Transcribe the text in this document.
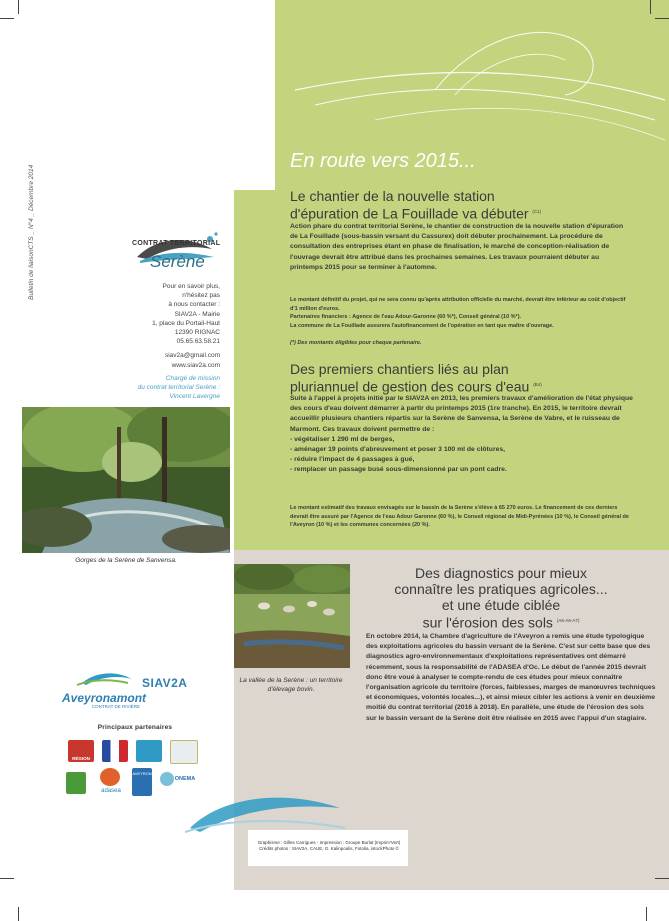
Bulletin de liaisonCTS _ N°4 _ Décembre 2014	CONTRAT TERRITORIAL
Serène
Pour en savoir plus,
n'hésitez pas
à nous contacter :
SIAV2A - Mairie
1, place du Portail-Haut
12390 RIGNAC
05.65.63.58.21
siav2a@gmail.com
www.siav2a.com
Chargé de mission
du contrat territorial Serène :
Vincent Lavergne
Gorges de la Serène de Sanvensa.
La vallée de la Serène : un territoire d'élevage bovin.
Aveyronamont
CONTRAT DE RIVIÈRE
SIAV2A
Principaux partenaires
RÉGION
adasea
AVEYRON
ONEMA
En route vers 2015...
Le chantier de la nouvelle station
d'épuration de La Fouillade va débuter $^{(C1)}$
Action phare du contrat territorial Serène, le chantier de construction de la nouvelle station d'épuration de La Fouillade (sous-bassin versant du Cassurex) doit débuter prochainement. La procédure de consultation des entreprises étant en phase de finalisation, le marché de conception-réalisation de l'ouvrage devrait être attribué dans les prochaines semaines. Les travaux pourraient débuter au printemps 2015 pour se terminer à l'automne.
Le montant définitif du projet, qui ne sera connu qu'après attribution officielle du marché, devrait être inférieur au coût d'objectif d'1 million d'euros.
Partenaires financiers : Agence de l'eau Adour-Garonne (60 %*), Conseil général (10 %*).
La commune de La Fouillade assurera l'autofinancement de l'opération en tant que maître d'ouvrage.
(*) Des montants éligibles pour chaque partenaire.
Des premiers chantiers liés au plan
pluriannuel de gestion des cours d'eau $^{(B4)}$
Suite à l'appel à projets initié par le SIAV2A en 2013, les premiers travaux d'amélioration de l'état physique des cours d'eau doivent démarrer à partir du printemps 2015 (1re tranche). En 2015, le territoire devrait accueillir plusieurs chantiers répartis sur la Serène de Sanvensa, la Serène de Vabre, et le ruisseau de Marmont. Ces travaux doivent permettre de :
- végétaliser 1 290 ml de berges,
- aménager 19 points d'abreuvement et poser 3 100 ml de clôtures,
- réduire l'impact de 4 passages à gué,
- remplacer un passage busé sous-dimensionné par un pont cadre.
Le montant estimatif des travaux envisagés sur le bassin de la Serène s'élève à 65 270 euros. Le financement de ces derniers devrait être assuré par l'Agence de l'eau Adour Garonne (60 %), le Conseil régional de Midi-Pyrénées (10 %), le Conseil général de l'Aveyron (10 %) et les communes concernées (20 %).
Des diagnostics pour mieux
connaître les pratiques agricoles...
et une étude ciblée
sur l'érosion des sols $^{(A5-A6-A7)}$
En octobre 2014, la Chambre d'agriculture de l'Aveyron a remis une étude typologique des exploitations agricoles du bassin versant de la Serène. C'est sur cette base que des diagnostics agro-environnementaux d'exploitations représentatives ont démarré récemment, sous la responsabilité de l'ADASEA d'Oc. Le début de l'année 2015 devrait donc être voué à analyser le compte-rendu de ces études pour mieux connaître l'organisation agricole du territoire (forces, faiblesses, marges de manœuvres techniques et économiques, volontés locales...), et ainsi mieux cibler les actions à venir en deuxième moitié du contrat territorial (2016 à 2018). En parallèle, une étude de l'érosion des sols sur le bassin versant de la Serène doit être réalisée en 2015 avec l'appui d'un stagiaire.
Graphisme : Gilles Carrigues - Impression : Groupe Burlat (Imprim'Vert)
Crédits photos : SIAV2A, CAUE, G. Kalinpoulis, Fotolia, istockPhoto ©
